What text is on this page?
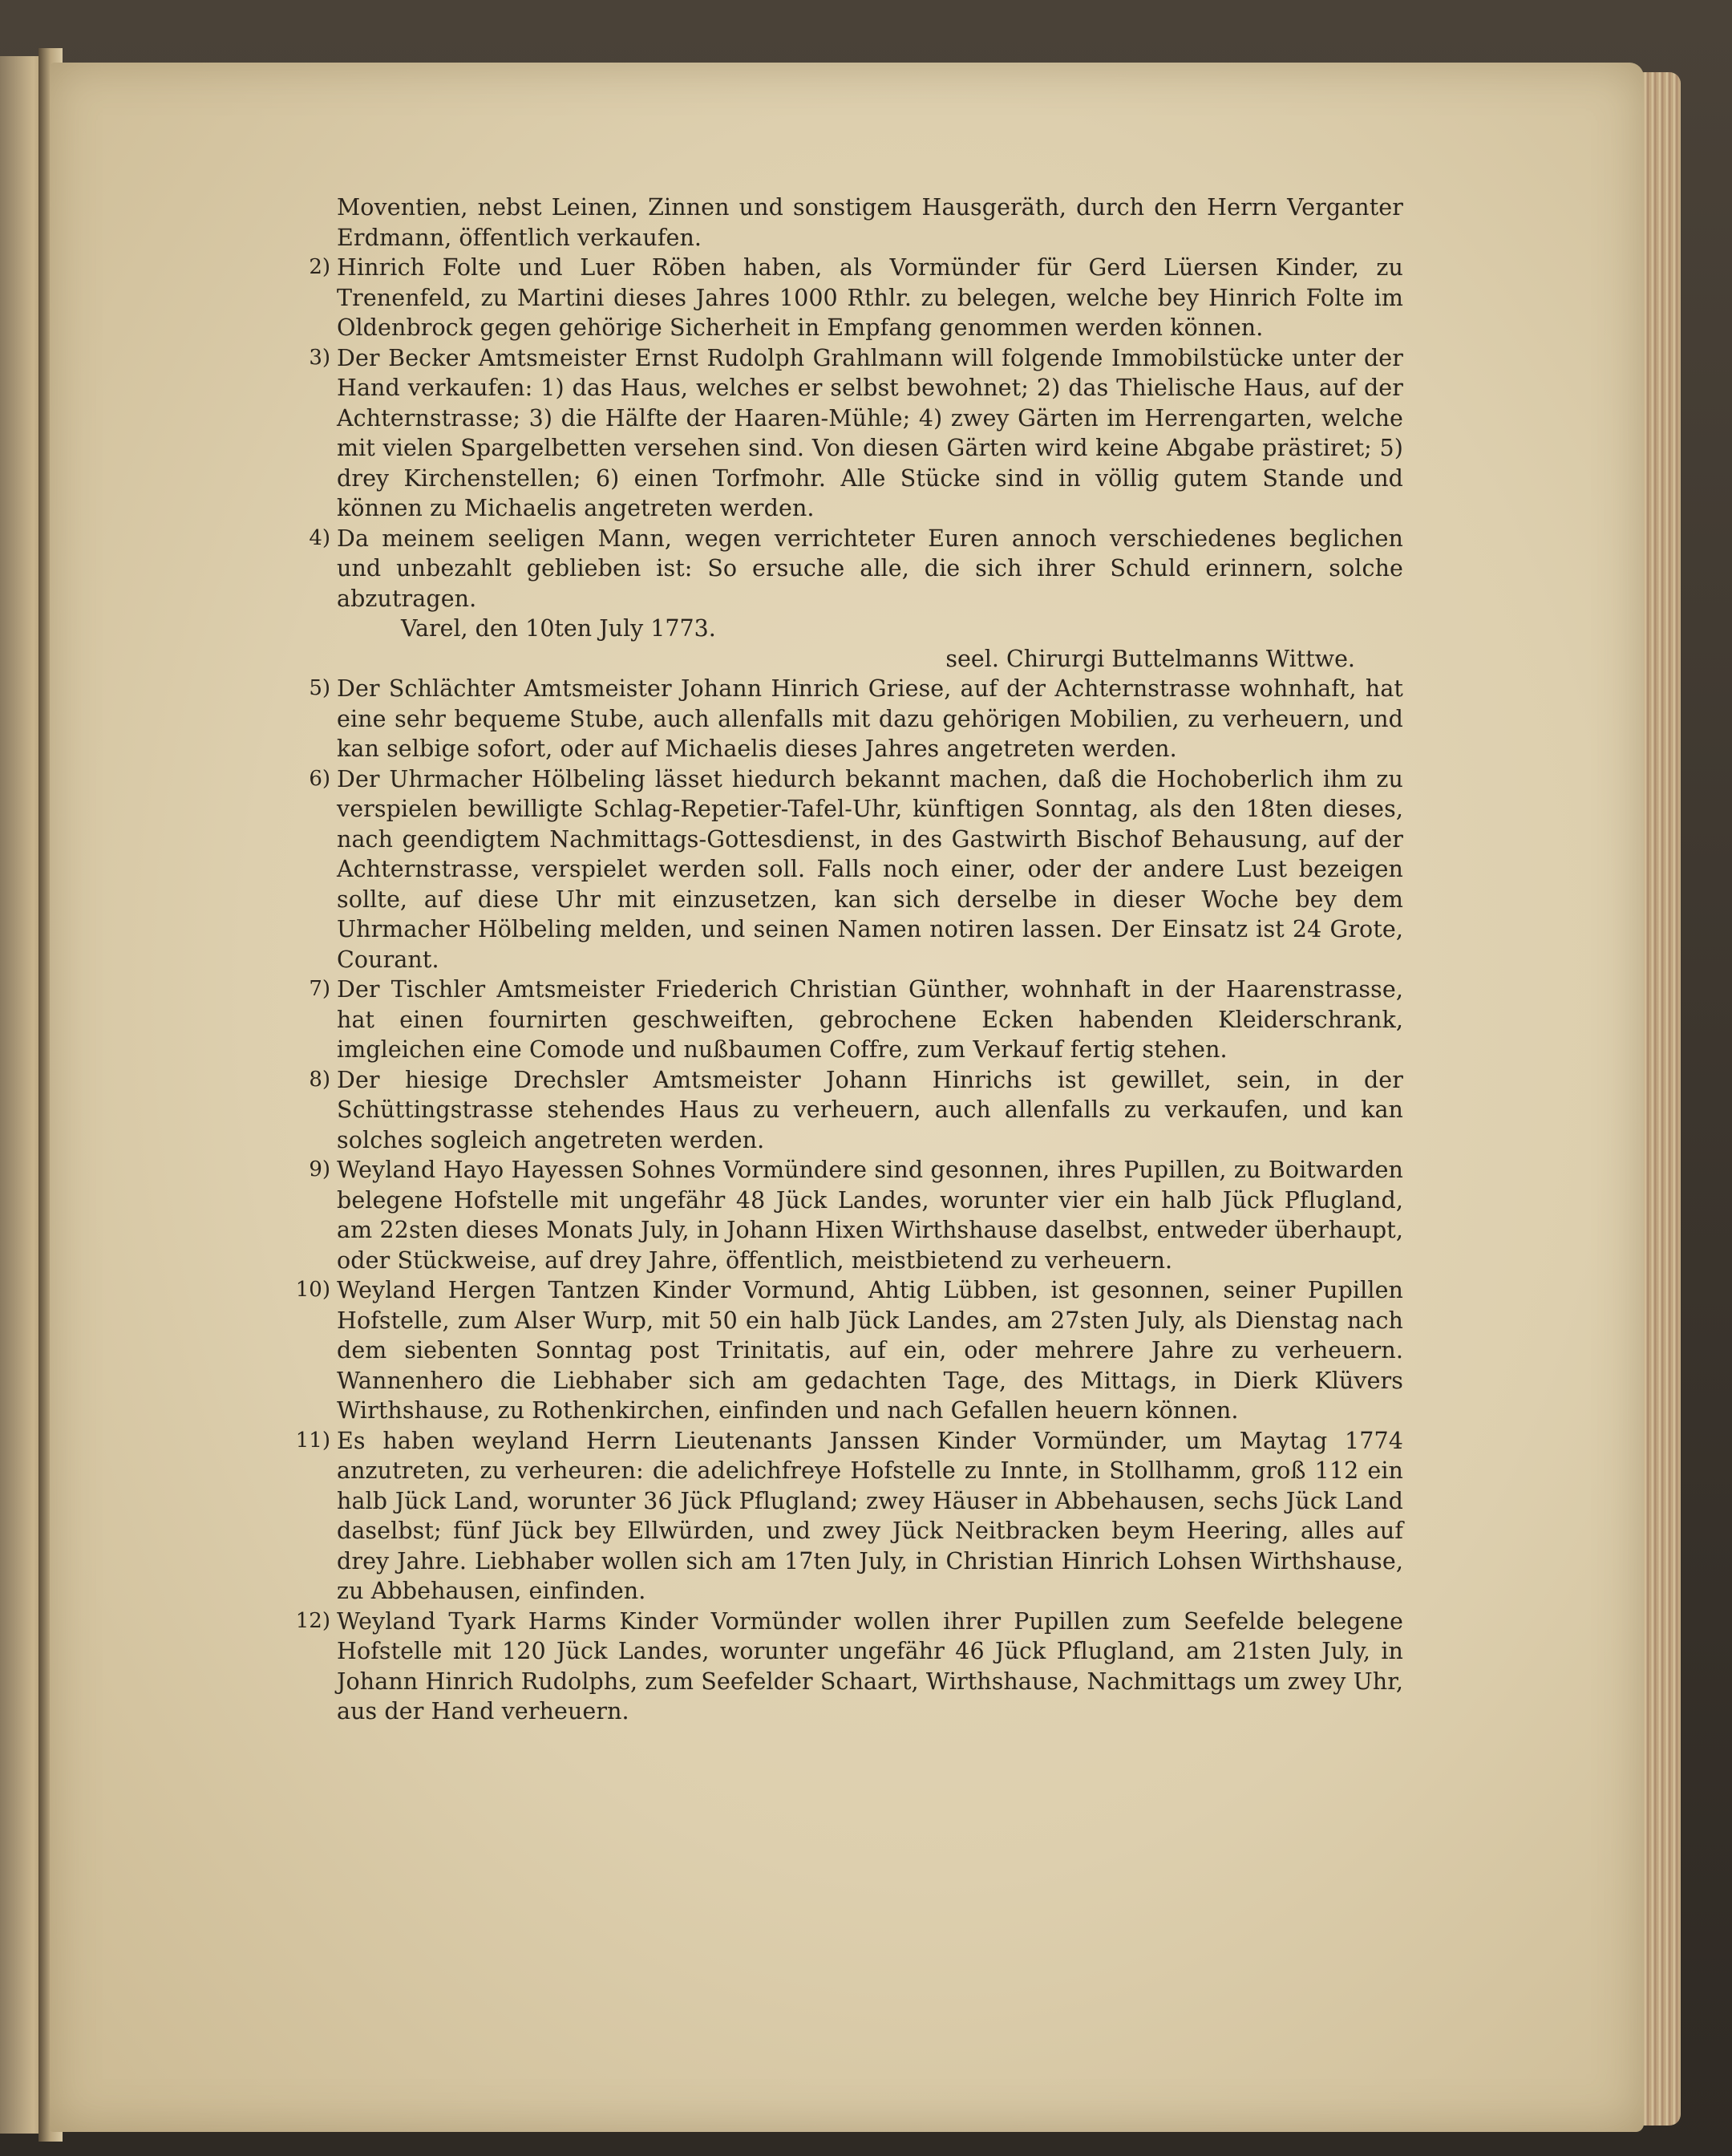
Moventien, nebst Leinen, Zinnen und sonstigem Hausgeräth, durch den Herrn Verganter Erdmann, öffentlich verkaufen.
2) Hinrich Folte und Luer Röben haben, als Vormünder für Gerd Lüersen Kinder, zu Trenenfeld, zu Martini dieses Jahres 1000 Rthlr. zu belegen, welche bey Hinrich Folte im Oldenbrock gegen gehörige Sicherheit in Empfang genommen werden können.
3) Der Becker Amtsmeister Ernst Rudolph Grahlmann will folgende Immobilstücke unter der Hand verkaufen: 1) das Haus, welches er selbst bewohnet; 2) das Thielische Haus, auf der Achternstrasse; 3) die Hälfte der Haaren-Mühle; 4) zwey Gärten im Herrengarten, welche mit vielen Spargelbetten versehen sind. Von diesen Gärten wird keine Abgabe prästiret; 5) drey Kirchenstellen; 6) einen Torfmohr. Alle Stücke sind in völlig gutem Stande und können zu Michaelis angetreten werden.
4) Da meinem seeligen Mann, wegen verrichteter Euren annoch verschiedenes beglichen und unbezahlt geblieben ist: So ersuche alle, die sich ihrer Schuld erinnern, solche abzutragen.
Varel, den 10ten July 1773.
seel. Chirurgi Buttelmanns Wittwe.
5) Der Schlächter Amtsmeister Johann Hinrich Griese, auf der Achternstrasse wohnhaft, hat eine sehr bequeme Stube, auch allenfalls mit dazu gehörigen Mobilien, zu verheuern, und kan selbige sofort, oder auf Michaelis dieses Jahres angetreten werden.
6) Der Uhrmacher Hölbeling lässet hiedurch bekannt machen, daß die Hochoberlich ihm zu verspielen bewilligte Schlag-Repetier-Tafel-Uhr, künftigen Sonntag, als den 18ten dieses, nach geendigtem Nachmittags-Gottesdienst, in des Gastwirth Bischof Behausung, auf der Achternstrasse, verspielet werden soll. Falls noch einer, oder der andere Lust bezeigen sollte, auf diese Uhr mit einzusetzen, kan sich derselbe in dieser Woche bey dem Uhrmacher Hölbeling melden, und seinen Namen notiren lassen. Der Einsatz ist 24 Grote, Courant.
7) Der Tischler Amtsmeister Friederich Christian Günther, wohnhaft in der Haarenstrasse, hat einen fournirten geschweiften, gebrochene Ecken habenden Kleiderschrank, imgleichen eine Comode und nußbaumen Coffre, zum Verkauf fertig stehen.
8) Der hiesige Drechsler Amtsmeister Johann Hinrichs ist gewillet, sein, in der Schüttingstrasse stehendes Haus zu verheuern, auch allenfalls zu verkaufen, und kan solches sogleich angetreten werden.
9) Weyland Hayo Hayessen Sohnes Vormündere sind gesonnen, ihres Pupillen, zu Boitwarden belegene Hofstelle mit ungefähr 48 Jück Landes, worunter vier ein halb Jück Pflugland, am 22sten dieses Monats July, in Johann Hixen Wirthshause daselbst, entweder überhaupt, oder Stückweise, auf drey Jahre, öffentlich, meistbietend zu verheuern.
10) Weyland Hergen Tantzen Kinder Vormund, Ahtig Lübben, ist gesonnen, seiner Pupillen Hofstelle, zum Alser Wurp, mit 50 ein halb Jück Landes, am 27sten July, als Dienstag nach dem siebenten Sonntag post Trinitatis, auf ein, oder mehrere Jahre zu verheuern. Wannenhero die Liebhaber sich am gedachten Tage, des Mittags, in Dierk Klüvers Wirthshause, zu Rothenkirchen, einfinden und nach Gefallen heuern können.
11) Es haben weyland Herrn Lieutenants Janssen Kinder Vormünder, um Maytag 1774 anzutreten, zu verheuren: die adelichfreye Hofstelle zu Innte, in Stollhamm, groß 112 ein halb Jück Land, worunter 36 Jück Pflugland; zwey Häuser in Abbehausen, sechs Jück Land daselbst; fünf Jück bey Ellwürden, und zwey Jück Neitbracken beym Heering, alles auf drey Jahre. Liebhaber wollen sich am 17ten July, in Christian Hinrich Lohsen Wirthshause, zu Abbehausen, einfinden.
12) Weyland Tyark Harms Kinder Vormünder wollen ihrer Pupillen zum Seefelde belegene Hofstelle mit 120 Jück Landes, worunter ungefähr 46 Jück Pflugland, am 21sten July, in Johann Hinrich Rudolphs, zum Seefelder Schaart, Wirthshause, Nachmittags um zwey Uhr, aus der Hand verheuern.
